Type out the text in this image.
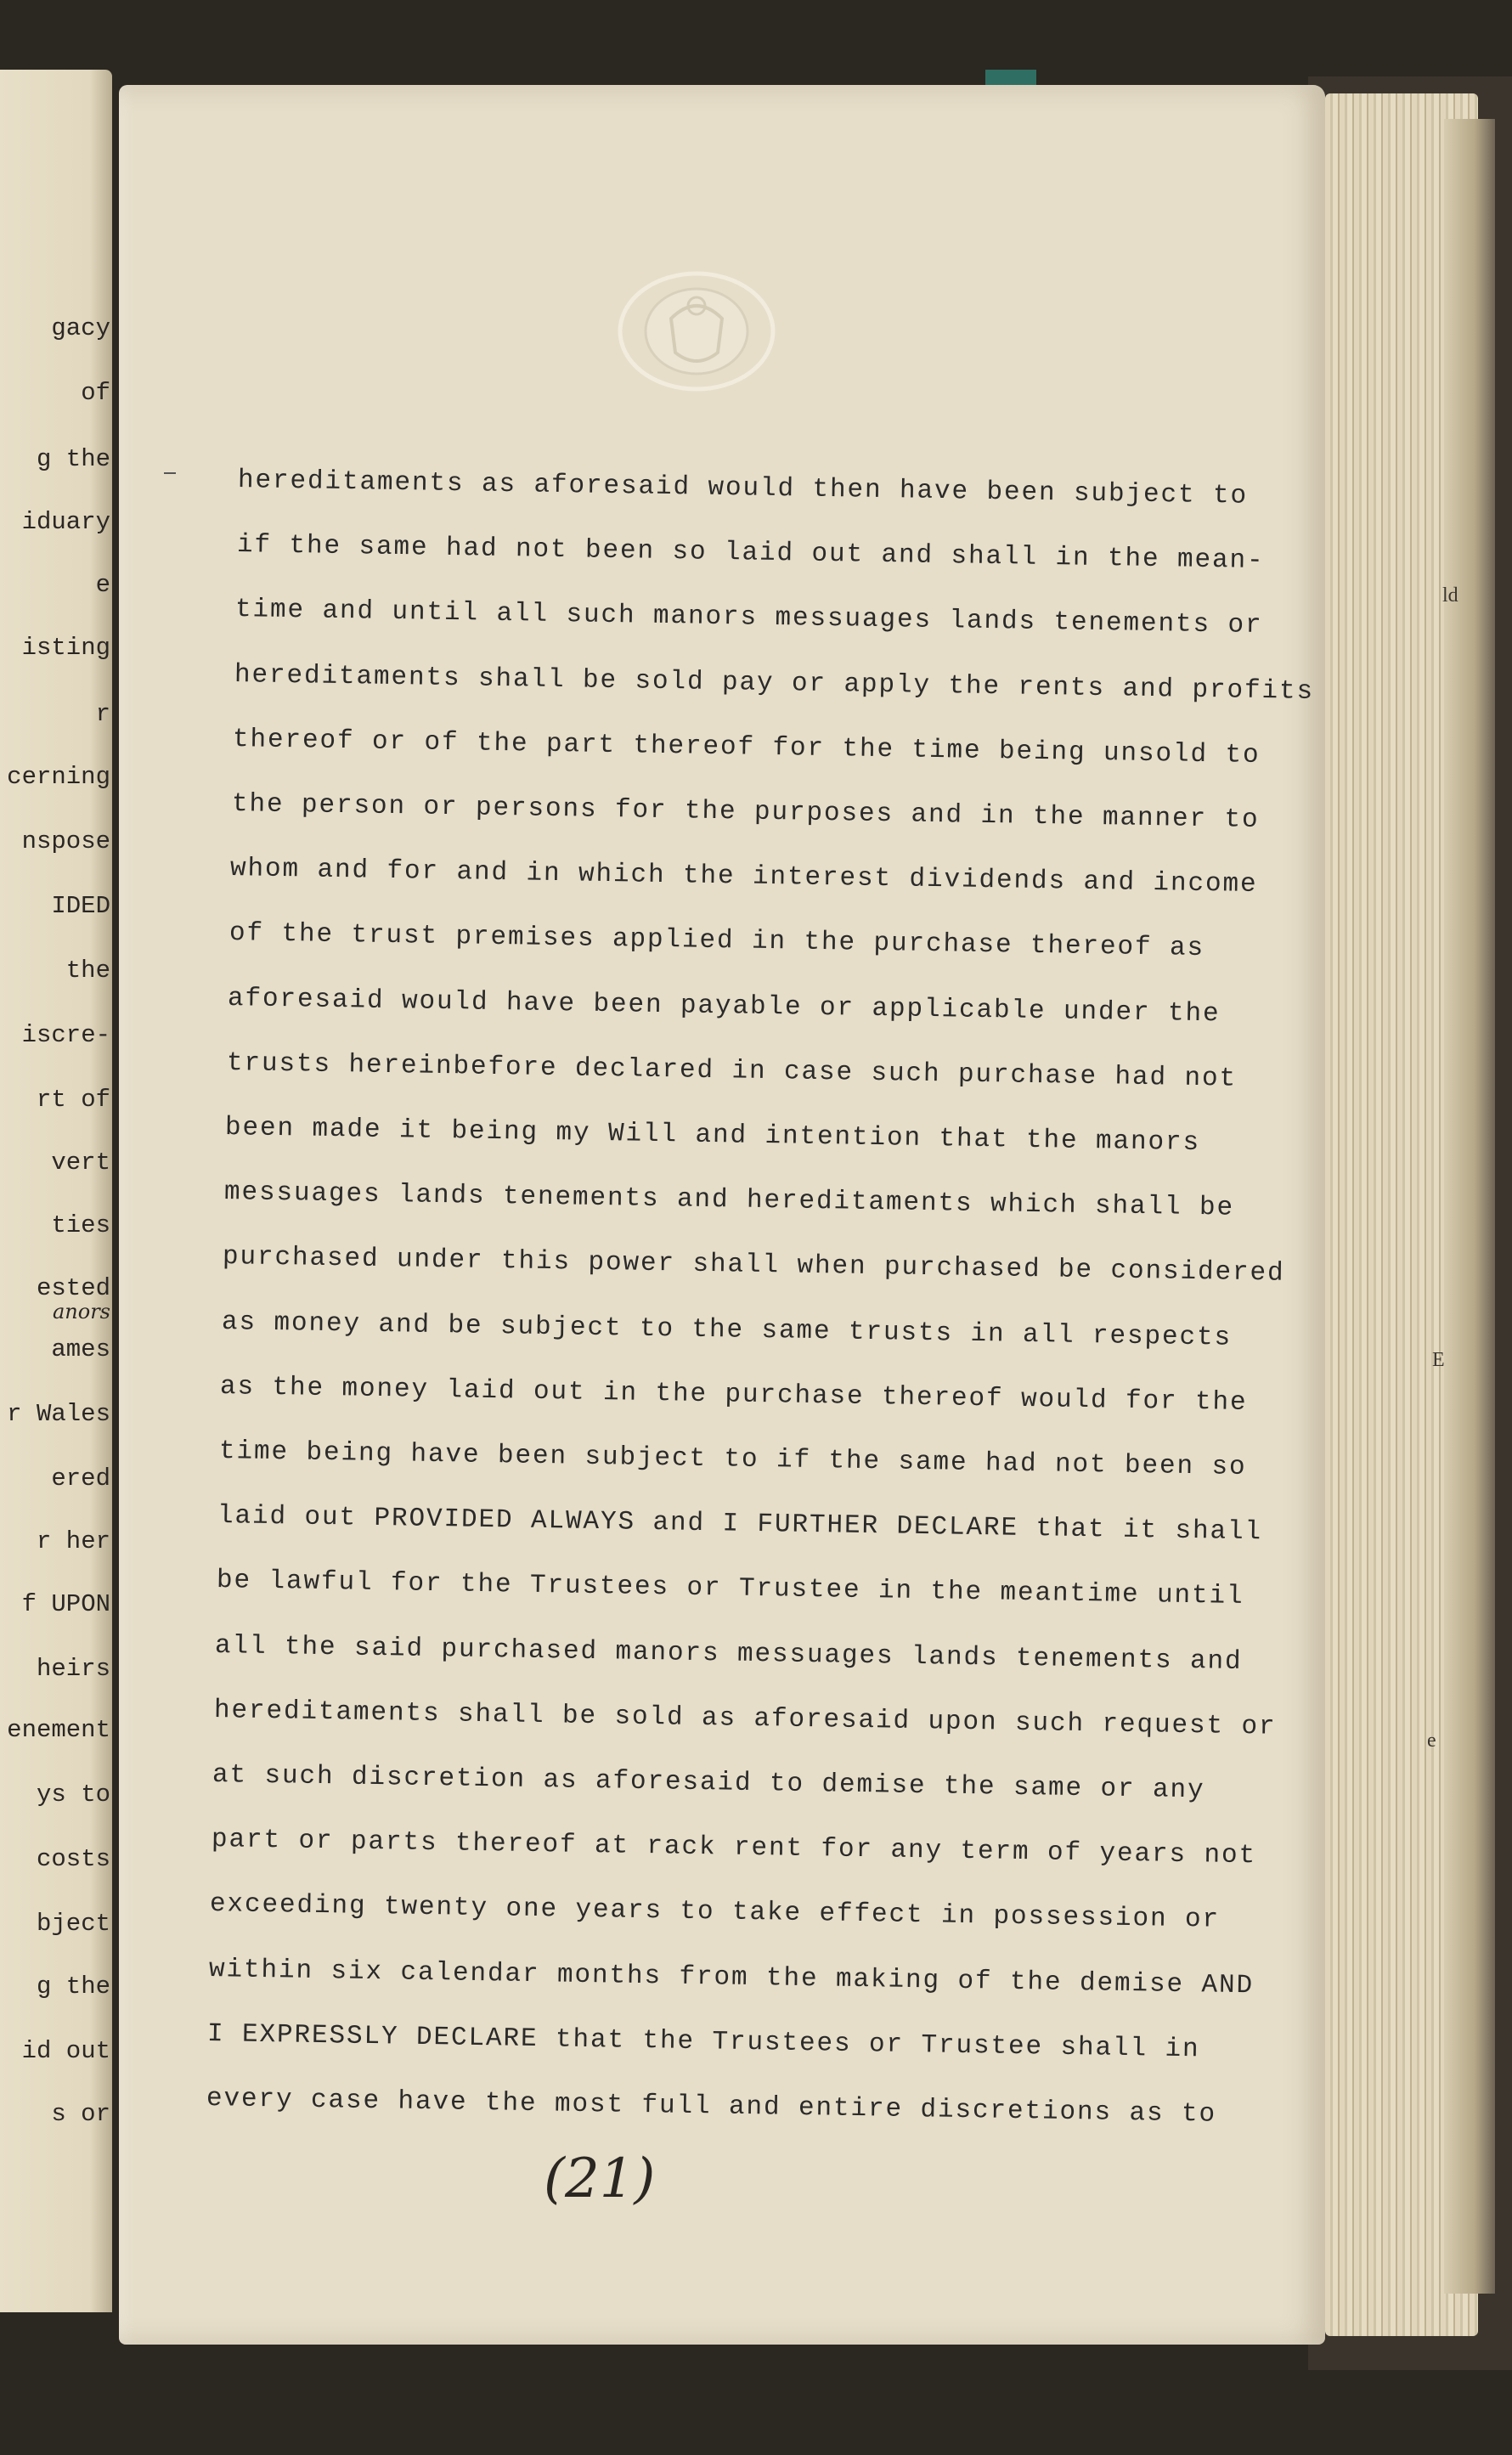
gacy
of
g the
iduary
e
isting
r
cerning
nspose
IDED
the
iscre-
rt of
vert
ties
ested
anors
ames
r Wales
ered
r her
f UPON
heirs
enement
ys to
costs
bject
g the
id out
s or
hereditaments as aforesaid would then have been subject to
if the same had not been so laid out and shall in the mean-
time and until all such manors messuages lands tenements or
hereditaments shall be sold pay or apply the rents and profits
thereof or of the part thereof for the time being unsold to
the person or persons for the purposes and in the manner to
whom and for and in which the interest dividends and income
of the trust premises applied in the purchase thereof as
aforesaid would have been payable or applicable under the
trusts hereinbefore declared in case such purchase had not
been made it being my Will and intention that the manors
messuages lands tenements and hereditaments which shall be
purchased under this power shall when purchased be considered
as money and be subject to the same trusts in all respects
as the money laid out in the purchase thereof would for the
time being have been subject to if the same had not been so
laid out PROVIDED ALWAYS and I FURTHER DECLARE that it shall
be lawful for the Trustees or Trustee in the meantime until
all the said purchased manors messuages lands tenements and
hereditaments shall be sold as aforesaid upon such request or
at such discretion as aforesaid to demise the same or any
part or parts thereof at rack rent for any term of years not
exceeding twenty one years to take effect in possession or
within six calendar months from the making of the demise AND
I EXPRESSLY DECLARE that the Trustees or Trustee shall in
every case have the most full and entire discretions as to
ld
E
e
(21)
